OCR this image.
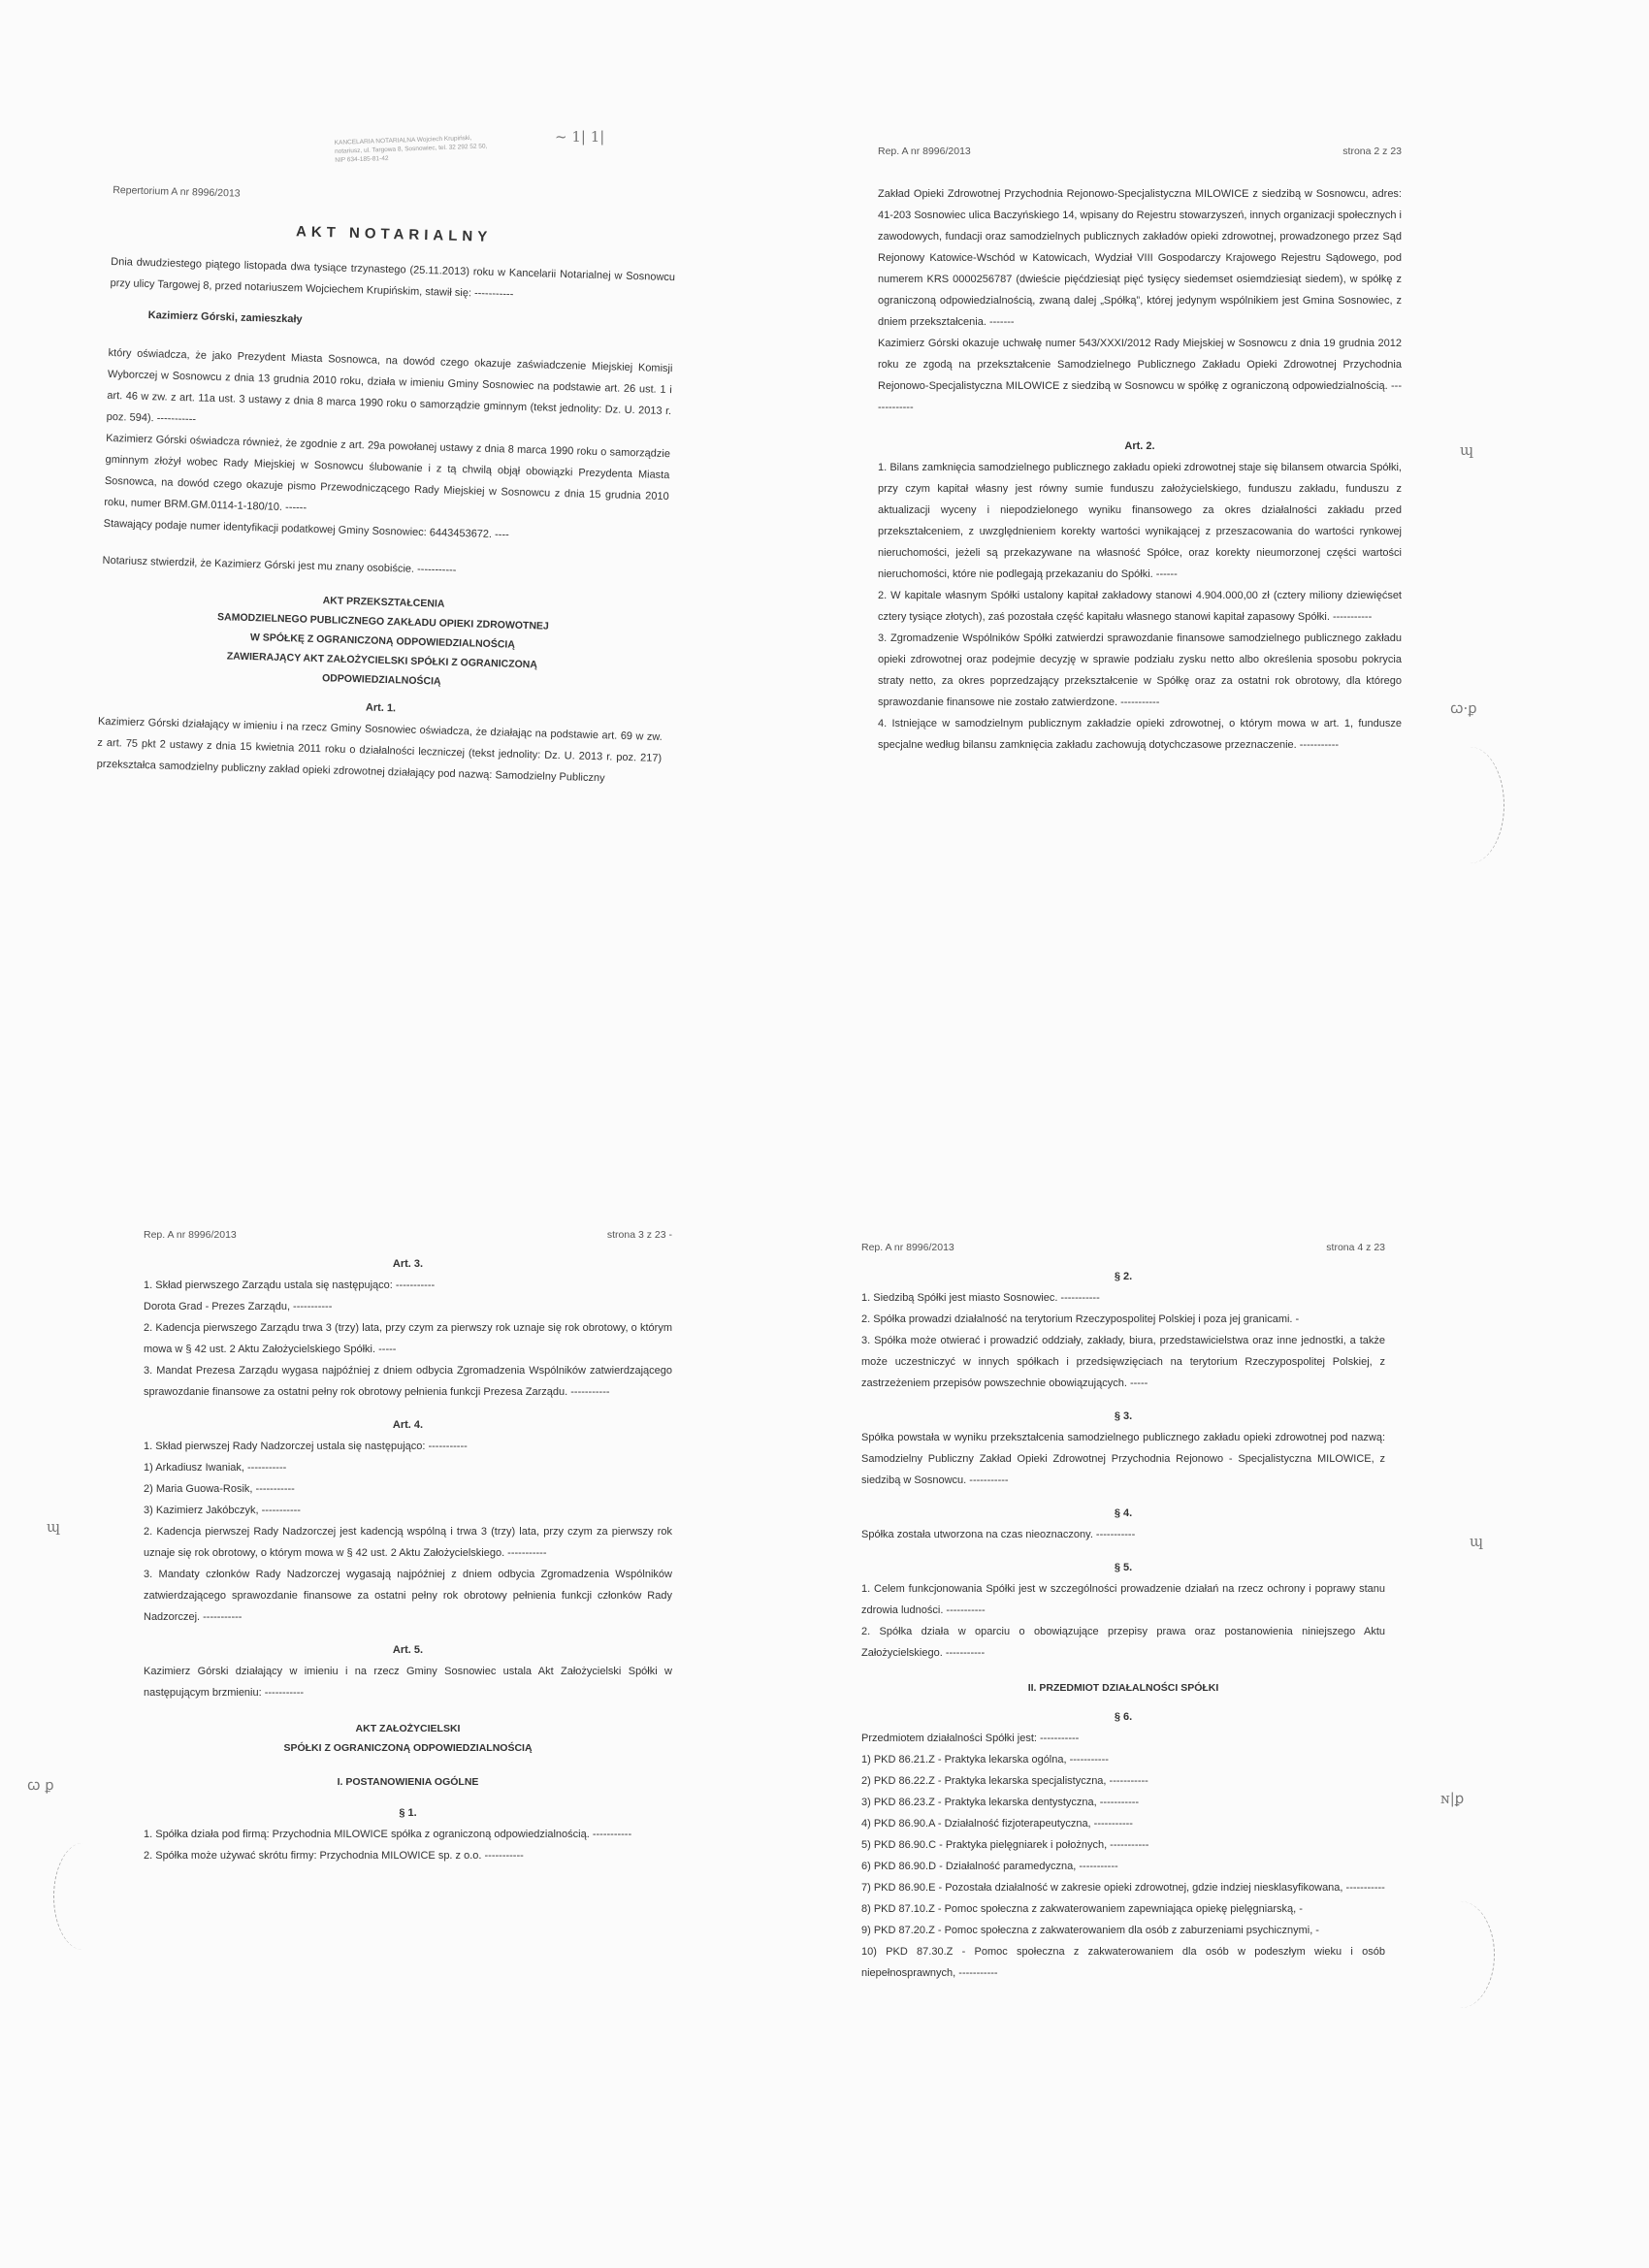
KANCELARIA NOTARIALNA Wojciech Krupiński, notariusz, ul. Targowa 8, Sosnowiec, tel. 32 292 52 50, NIP 634-185-81-42
~ 1| 1|
Repertorium A nr 8996/2013
AKT NOTARIALNY

Dnia dwudziestego piątego listopada dwa tysiące trzynastego (25.11.2013) roku w Kancelarii Notarialnej w Sosnowcu przy ulicy Targowej 8, przed notariuszem Wojciechem Krupińskim, stawił się: -----------

Kazimierz Górski, zamieszkały

który oświadcza, że jako Prezydent Miasta Sosnowca, na dowód czego okazuje zaświadczenie Miejskiej Komisji Wyborczej w Sosnowcu z dnia 13 grudnia 2010 roku, działa w imieniu Gminy Sosnowiec na podstawie art. 26 ust. 1 i art. 46 w zw. z art. 11a ust. 3 ustawy z dnia 8 marca 1990 roku o samorządzie gminnym (tekst jednolity: Dz. U. 2013 r. poz. 594). -----------

Kazimierz Górski oświadcza również, że zgodnie z art. 29a powołanej ustawy z dnia 8 marca 1990 roku o samorządzie gminnym złożył wobec Rady Miejskiej w Sosnowcu ślubowanie i z tą chwilą objął obowiązki Prezydenta Miasta Sosnowca, na dowód czego okazuje pismo Przewodniczącego Rady Miejskiej w Sosnowcu z dnia 15 grudnia 2010 roku, numer BRM.GM.0114-1-180/10. ------

Stawający podaje numer identyfikacji podatkowej Gminy Sosnowiec: 6443453672. ----

Notariusz stwierdził, że Kazimierz Górski jest mu znany osobiście. -----------

AKT PRZEKSZTAŁCENIA
SAMODZIELNEGO PUBLICZNEGO ZAKŁADU OPIEKI ZDROWOTNEJ
W SPÓŁKĘ Z OGRANICZONĄ ODPOWIEDZIALNOŚCIĄ
ZAWIERAJĄCY AKT ZAŁOŻYCIELSKI SPÓŁKI Z OGRANICZONĄ
ODPOWIEDZIALNOŚCIĄ
Art. 1.

Kazimierz Górski działający w imieniu i na rzecz Gminy Sosnowiec oświadcza, że działając na podstawie art. 69 w zw. z art. 75 pkt 2 ustawy z dnia 15 kwietnia 2011 roku o działalności leczniczej (tekst jednolity: Dz. U. 2013 r. poz. 217) przekształca samodzielny publiczny zakład opieki zdrowotnej działający pod nazwą: Samodzielny Publiczny

Rep. A nr 8996/2013	strona 2 z 23

Zakład Opieki Zdrowotnej Przychodnia Rejonowo-Specjalistyczna MILOWICE z siedzibą w Sosnowcu, adres: 41-203 Sosnowiec ulica Baczyńskiego 14, wpisany do Rejestru stowarzyszeń, innych organizacji społecznych i zawodowych, fundacji oraz samodzielnych publicznych zakładów opieki zdrowotnej, prowadzonego przez Sąd Rejonowy Katowice-Wschód w Katowicach, Wydział VIII Gospodarczy Krajowego Rejestru Sądowego, pod numerem KRS 0000256787 (dwieście pięćdziesiąt pięć tysięcy siedemset osiemdziesiąt siedem), w spółkę z ograniczoną odpowiedzialnością, zwaną dalej „Spółką”, której jedynym wspólnikiem jest Gmina Sosnowiec, z dniem przekształcenia. -------

Kazimierz Górski okazuje uchwałę numer 543/XXXI/2012 Rady Miejskiej w Sosnowcu z dnia 19 grudnia 2012 roku ze zgodą na przekształcenie Samodzielnego Publicznego Zakładu Opieki Zdrowotnej Przychodnia Rejonowo-Specjalistyczna MILOWICE z siedzibą w Sosnowcu w spółkę z ograniczoną odpowiedzialnością. -------------

Art. 2.

1. Bilans zamknięcia samodzielnego publicznego zakładu opieki zdrowotnej staje się bilansem otwarcia Spółki, przy czym kapitał własny jest równy sumie funduszu założycielskiego, funduszu zakładu, funduszu z aktualizacji wyceny i niepodzielonego wyniku finansowego za okres działalności zakładu przed przekształceniem, z uwzględnieniem korekty wartości wynikającej z przeszacowania do wartości rynkowej nieruchomości, jeżeli są przekazywane na własność Spółce, oraz korekty nieumorzonej części wartości nieruchomości, które nie podlegają przekazaniu do Spółki. ------

2. W kapitale własnym Spółki ustalony kapitał zakładowy stanowi 4.904.000,00 zł (cztery miliony dziewięćset cztery tysiące złotych), zaś pozostała część kapitału własnego stanowi kapitał zapasowy Spółki. -----------

3. Zgromadzenie Wspólników Spółki zatwierdzi sprawozdanie finansowe samodzielnego publicznego zakładu opieki zdrowotnej oraz podejmie decyzję w sprawie podziału zysku netto albo określenia sposobu pokrycia straty netto, za okres poprzedzający przekształcenie w Spółkę oraz za ostatni rok obrotowy, dla którego sprawozdanie finansowe nie zostało zatwierdzone. -----------

4. Istniejące w samodzielnym publicznym zakładzie opieki zdrowotnej, o którym mowa w art. 1, fundusze specjalne według bilansu zamknięcia zakładu zachowują dotychczasowe przeznaczenie. -----------

Rep. A nr 8996/2013	strona 3 z 23 -
Art. 3.

1. Skład pierwszego Zarządu ustala się następująco: -----------

Dorota Grad - Prezes Zarządu, -----------

2. Kadencja pierwszego Zarządu trwa 3 (trzy) lata, przy czym za pierwszy rok uznaje się rok obrotowy, o którym mowa w § 42 ust. 2 Aktu Założycielskiego Spółki. -----

3. Mandat Prezesa Zarządu wygasa najpóźniej z dniem odbycia Zgromadzenia Wspólników zatwierdzającego sprawozdanie finansowe za ostatni pełny rok obrotowy pełnienia funkcji Prezesa Zarządu. -----------

Art. 4.

1. Skład pierwszej Rady Nadzorczej ustala się następująco: -----------

1) Arkadiusz Iwaniak, -----------

2) Maria Guowa-Rosik, -----------

3) Kazimierz Jakóbczyk, -----------

2. Kadencja pierwszej Rady Nadzorczej jest kadencją wspólną i trwa 3 (trzy) lata, przy czym za pierwszy rok uznaje się rok obrotowy, o którym mowa w § 42 ust. 2 Aktu Założycielskiego. -----------

3. Mandaty członków Rady Nadzorczej wygasają najpóźniej z dniem odbycia Zgromadzenia Wspólników zatwierdzającego sprawozdanie finansowe za ostatni pełny rok obrotowy pełnienia funkcji członków Rady Nadzorczej. -----------

Art. 5.

Kazimierz Górski działający w imieniu i na rzecz Gminy Sosnowiec ustala Akt Założycielski Spółki w następującym brzmieniu: -----------

AKT ZAŁOŻYCIELSKI
SPÓŁKI Z OGRANICZONĄ ODPOWIEDZIALNOŚCIĄ
I. POSTANOWIENIA OGÓLNE
§ 1.

1. Spółka działa pod firmą: Przychodnia MILOWICE spółka z ograniczoną odpowiedzialnością. -----------

2. Spółka może używać skrótu firmy: Przychodnia MILOWICE sp. z o.o. -----------

Rep. A nr 8996/2013	strona 4 z 23
§ 2.

1. Siedzibą Spółki jest miasto Sosnowiec. -----------

2. Spółka prowadzi działalność na terytorium Rzeczypospolitej Polskiej i poza jej granicami. -

3. Spółka może otwierać i prowadzić oddziały, zakłady, biura, przedstawicielstwa oraz inne jednostki, a także może uczestniczyć w innych spółkach i przedsięwzięciach na terytorium Rzeczypospolitej Polskiej, z zastrzeżeniem przepisów powszechnie obowiązujących. -----

§ 3.

Spółka powstała w wyniku przekształcenia samodzielnego publicznego zakładu opieki zdrowotnej pod nazwą: Samodzielny Publiczny Zakład Opieki Zdrowotnej Przychodnia Rejonowo - Specjalistyczna MILOWICE, z siedzibą w Sosnowcu. -----------

§ 4.

Spółka została utworzona na czas nieoznaczony. -----------

§ 5.

1. Celem funkcjonowania Spółki jest w szczególności prowadzenie działań na rzecz ochrony i poprawy stanu zdrowia ludności. -----------

2. Spółka działa w oparciu o obowiązujące przepisy prawa oraz postanowienia niniejszego Aktu Założycielskiego. -----------

II. PRZEDMIOT DZIAŁALNOŚCI SPÓŁKI
§ 6.

Przedmiotem działalności Spółki jest: -----------

1) PKD 86.21.Z - Praktyka lekarska ogólna, -----------

2) PKD 86.22.Z - Praktyka lekarska specjalistyczna, -----------

3) PKD 86.23.Z - Praktyka lekarska dentystyczna, -----------

4) PKD 86.90.A - Działalność fizjoterapeutyczna, -----------

5) PKD 86.90.C - Praktyka pielęgniarek i położnych, -----------

6) PKD 86.90.D - Działalność paramedyczna, -----------

7) PKD 86.90.E - Pozostała działalność w zakresie opieki zdrowotnej, gdzie indziej niesklasyfikowana, -----------

8) PKD 87.10.Z - Pomoc społeczna z zakwaterowaniem zapewniająca opiekę pielęgniarską, -

9) PKD 87.20.Z - Pomoc społeczna z zakwaterowaniem dla osób z zaburzeniami psychicznymi, -

10) PKD 87.30.Z - Pomoc społeczna z zakwaterowaniem dla osób w podeszłym wieku i osób niepełnosprawnych, -----------

ɰ
ꞷ·ꝑ
ɰ
ɰ
ꞷ ꝑ
ɴ|ꝑ
